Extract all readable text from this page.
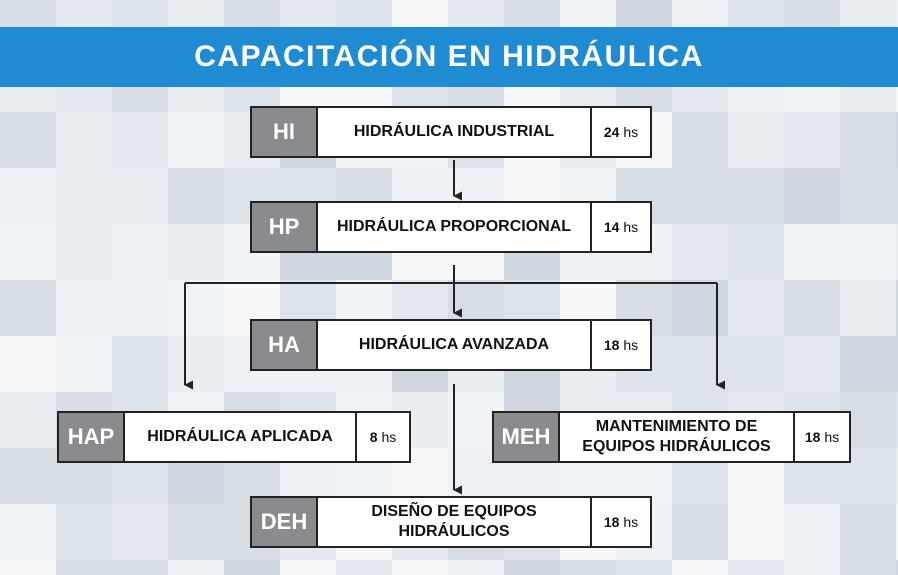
CAPACITACIÓN EN HIDRÁULICA
HI	HIDRÁULICA INDUSTRIAL	24 hs
HP	HIDRÁULICA PROPORCIONAL	14 hs
HA	HIDRÁULICA AVANZADA	18 hs
HAP	HIDRÁULICA APLICADA	8 hs	MEH	MANTENIMIENTO DE
EQUIPOS HIDRÁULICOS
18 hs
DEH	DISEÑO DE EQUIPOS
HIDRÁULICOS
18 hs
